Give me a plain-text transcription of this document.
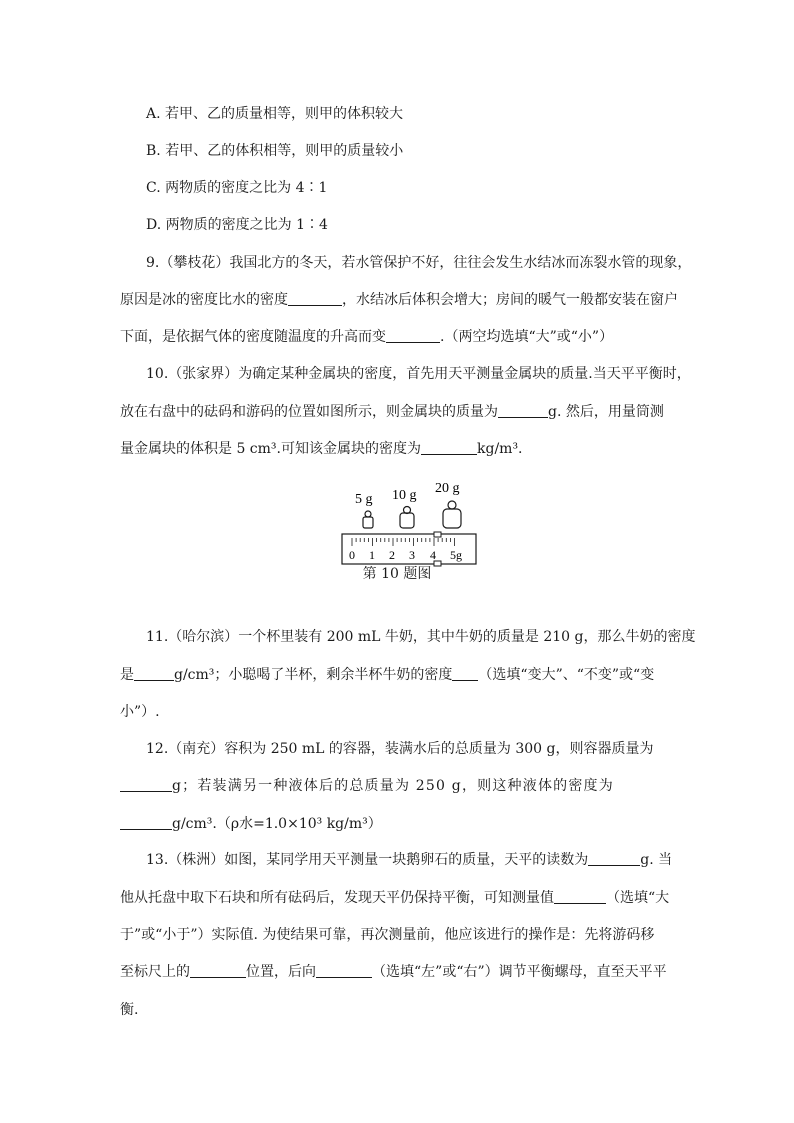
A. 若甲、乙的质量相等，则甲的体积较大
B. 若甲、乙的体积相等，则甲的质量较小
C. 两物质的密度之比为 4∶1
D. 两物质的密度之比为 1∶4
9.（攀枝花）我国北方的冬天，若水管保护不好，往往会发生水结冰而冻裂水管的现象，
原因是冰的密度比水的密度	，水结冰后体积会增大；房间的暖气一般都安装在窗户
下面，是依据气体的密度随温度的升高而变	.（两空均选填“大”或“小”）
10.（张家界）为确定某种金属块的密度，首先用天平测量金属块的质量.当天平平衡时，
放在右盘中的砝码和游码的位置如图所示，则金属块的质量为	g. 然后，用量筒测
量金属块的体积是 5 cm³.可知该金属块的密度为	kg/m³.
5 g 10 g 20 g
0 1 2 3 4 5g
第 10 题图
11.（哈尔滨）一个杯里装有 200 mL 牛奶，其中牛奶的质量是 210 g，那么牛奶的密度
是	g/cm³；小聪喝了半杯，剩余半杯牛奶的密度 （选填“变大”、“不变”或“变
小”）.
12.（南充）容积为 250 mL 的容器，装满水后的总质量为 300 g，则容器质量为
g；若装满另一种液体后的总质量为 250 g，则这种液体的密度为
g/cm³.（ρ水=1.0×10³ kg/m³）
13.（株洲）如图，某同学用天平测量一块鹅卵石的质量，天平的读数为	g. 当
他从托盘中取下石块和所有砝码后，发现天平仍保持平衡，可知测量值	（选填“大
于”或“小于”）实际值. 为使结果可靠，再次测量前，他应该进行的操作是：先将游码移
至标尺上的	位置，后向	（选填“左”或“右”）调节平衡螺母，直至天平平
衡.
